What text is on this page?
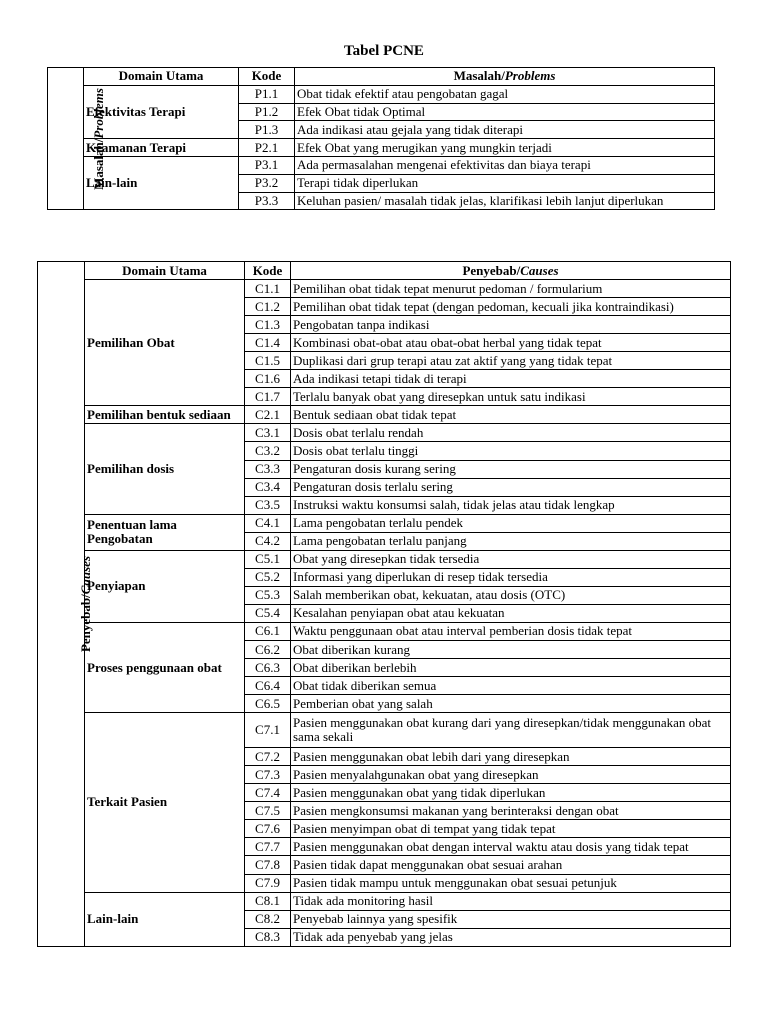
Tabel PCNE
Masalah/Problems	Domain Utama	Kode	Masalah/Problems
	Efektivitas Terapi	P1.1	Obat tidak efektif atau pengobatan gagal
		P1.2	Efek Obat tidak Optimal
		P1.3	Ada indikasi atau gejala yang tidak diterapi
	Keamanan Terapi	P2.1	Efek Obat yang merugikan yang mungkin terjadi
	Lain-lain	P3.1	Ada permasalahan mengenai efektivitas dan biaya terapi
		P3.2	Terapi tidak diperlukan
		P3.3	Keluhan pasien/ masalah tidak jelas, klarifikasi lebih lanjut diperlukan
Penyebab/Causes	Domain Utama	Kode	Penyebab/Causes
	Pemilihan Obat	C1.1	Pemilihan obat tidak tepat menurut pedoman / formularium
		C1.2	Pemilihan obat tidak tepat (dengan pedoman, kecuali jika kontraindikasi)
		C1.3	Pengobatan tanpa indikasi
		C1.4	Kombinasi obat-obat atau obat-obat herbal yang tidak tepat
		C1.5	Duplikasi dari grup terapi atau zat aktif yang yang tidak tepat
		C1.6	Ada indikasi tetapi tidak di terapi
		C1.7	Terlalu banyak obat yang diresepkan untuk satu indikasi
	Pemilihan bentuk sediaan	C2.1	Bentuk sediaan obat tidak tepat
	Pemilihan dosis	C3.1	Dosis obat terlalu rendah
		C3.2	Dosis obat terlalu tinggi
		C3.3	Pengaturan dosis kurang sering
		C3.4	Pengaturan dosis terlalu sering
		C3.5	Instruksi waktu konsumsi salah, tidak jelas atau tidak lengkap
	Penentuan lama Pengobatan	C4.1	Lama pengobatan terlalu pendek
		C4.2	Lama pengobatan terlalu panjang
	Penyiapan	C5.1	Obat yang diresepkan tidak tersedia
		C5.2	Informasi yang diperlukan di resep tidak tersedia
		C5.3	Salah memberikan obat, kekuatan, atau dosis (OTC)
		C5.4	Kesalahan penyiapan obat atau kekuatan
	Proses penggunaan obat	C6.1	Waktu penggunaan obat atau interval pemberian dosis tidak tepat
		C6.2	Obat diberikan kurang
		C6.3	Obat diberikan berlebih
		C6.4	Obat tidak diberikan semua
		C6.5	Pemberian obat yang salah
	Terkait Pasien	C7.1	Pasien menggunakan obat kurang dari yang diresepkan/tidak menggunakan obat sama sekali
		C7.2	Pasien menggunakan obat lebih dari yang diresepkan
		C7.3	Pasien menyalahgunakan obat yang diresepkan
		C7.4	Pasien menggunakan obat yang tidak diperlukan
		C7.5	Pasien mengkonsumsi makanan yang berinteraksi dengan obat
		C7.6	Pasien menyimpan obat di tempat yang tidak tepat
		C7.7	Pasien menggunakan obat dengan interval waktu atau dosis yang tidak tepat
		C7.8	Pasien tidak dapat menggunakan obat sesuai arahan
		C7.9	Pasien tidak mampu untuk menggunakan obat sesuai petunjuk
	Lain-lain	C8.1	Tidak ada monitoring hasil
		C8.2	Penyebab lainnya yang spesifik
		C8.3	Tidak ada penyebab yang jelas
